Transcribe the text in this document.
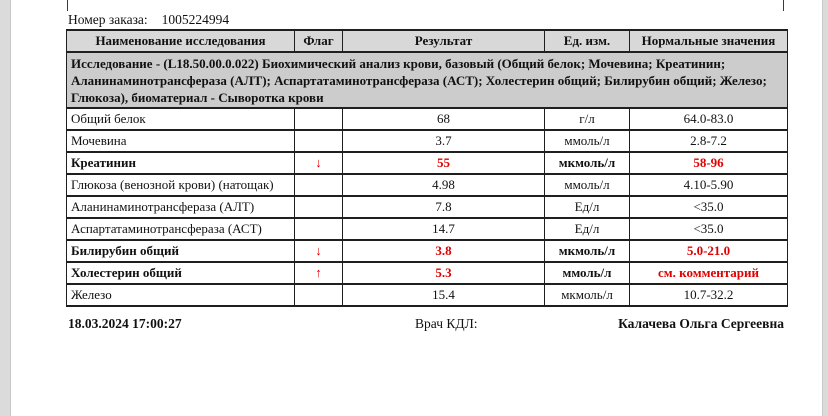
Номер заказа: 1005224994
Наименование исследования	Флаг	Результат	Ед. изм.	Нормальные значения
Исследование - (L18.50.00.0.022) Биохимический анализ крови, базовый (Общий белок; Мочевина; Креатинин; Аланинаминотрансфераза (АЛТ); Аспартатаминотрансфераза (АСТ); Холестерин общий; Билирубин общий; Железо; Глюкоза), биоматериал - Сыворотка крови				
Общий белок		68	г/л	64.0-83.0
Мочевина		3.7	ммоль/л	2.8-7.2
Креатинин	↓	55	мкмоль/л	58-96
Глюкоза (венозной крови) (натощак)		4.98	ммоль/л	4.10-5.90
Аланинаминотрансфераза (АЛТ)		7.8	Ед/л	<35.0
Аспартатаминотрансфераза (АСТ)		14.7	Ед/л	<35.0
Билирубин общий	↓	3.8	мкмоль/л	5.0-21.0
Холестерин общий	↑	5.3	ммоль/л	см. комментарий
Железо		15.4	мкмоль/л	10.7-32.2
18.03.2024 17:00:27	Врач КДЛ:	Калачева Ольга Сергеевна
